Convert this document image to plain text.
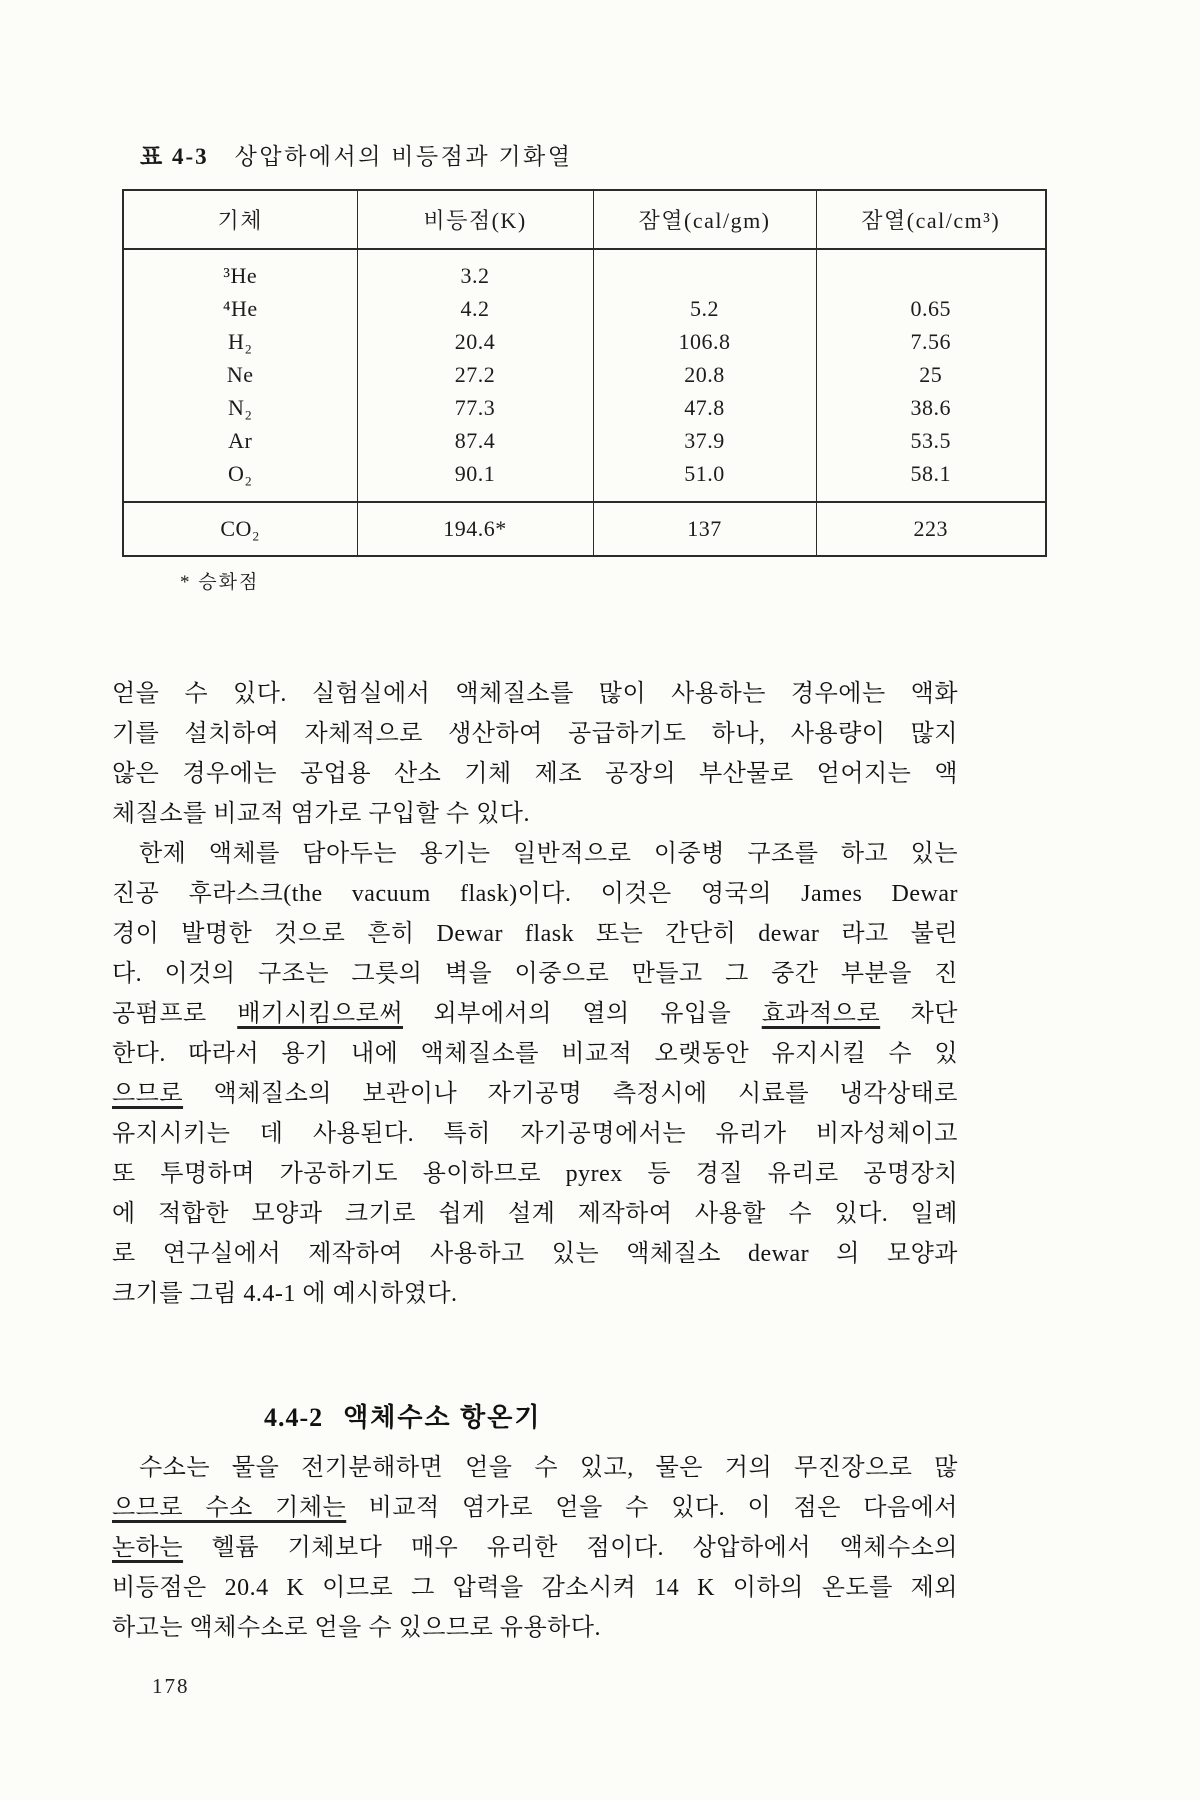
표 4-3 상압하에서의 비등점과 기화열
기체	비등점(K)	잠열(cal/gm)	잠열(cal/cm³)
³He	3.2		
⁴He	4.2	5.2	0.65
H₂	20.4	106.8	7.56
Ne	27.2	20.8	25
N₂	77.3	47.8	38.6
Ar	87.4	37.9	53.5
O₂	90.1	51.0	58.1
CO₂	194.6*	137	223
* 승화점
얻을 수 있다. 실험실에서 액체질소를 많이 사용하는 경우에는 액화
기를 설치하여 자체적으로 생산하여 공급하기도 하나, 사용량이 많지
않은 경우에는 공업용 산소 기체 제조 공장의 부산물로 얻어지는 액
체질소를 비교적 염가로 구입할 수 있다.
한제 액체를 담아두는 용기는 일반적으로 이중병 구조를 하고 있는
진공 후라스크(the vacuum flask)이다. 이것은 영국의 James Dewar
경이 발명한 것으로 흔히 Dewar flask 또는 간단히 dewar 라고 불린
다. 이것의 구조는 그릇의 벽을 이중으로 만들고 그 중간 부분을 진
공펌프로 배기시킴으로써 외부에서의 열의 유입을 효과적으로 차단
한다. 따라서 용기 내에 액체질소를 비교적 오랫동안 유지시킬 수 있
으므로 액체질소의 보관이나 자기공명 측정시에 시료를 냉각상태로
유지시키는 데 사용된다. 특히 자기공명에서는 유리가 비자성체이고
또 투명하며 가공하기도 용이하므로 pyrex 등 경질 유리로 공명장치
에 적합한 모양과 크기로 쉽게 설계 제작하여 사용할 수 있다. 일례
로 연구실에서 제작하여 사용하고 있는 액체질소 dewar 의 모양과
크기를 그림 4.4-1 에 예시하였다.
4.4-2 액체수소 항온기
수소는 물을 전기분해하면 얻을 수 있고, 물은 거의 무진장으로 많
으므로 수소 기체는 비교적 염가로 얻을 수 있다. 이 점은 다음에서
논하는 헬륨 기체보다 매우 유리한 점이다. 상압하에서 액체수소의
비등점은 20.4 K 이므로 그 압력을 감소시켜 14 K 이하의 온도를 제외
하고는 액체수소로 얻을 수 있으므로 유용하다.
178
